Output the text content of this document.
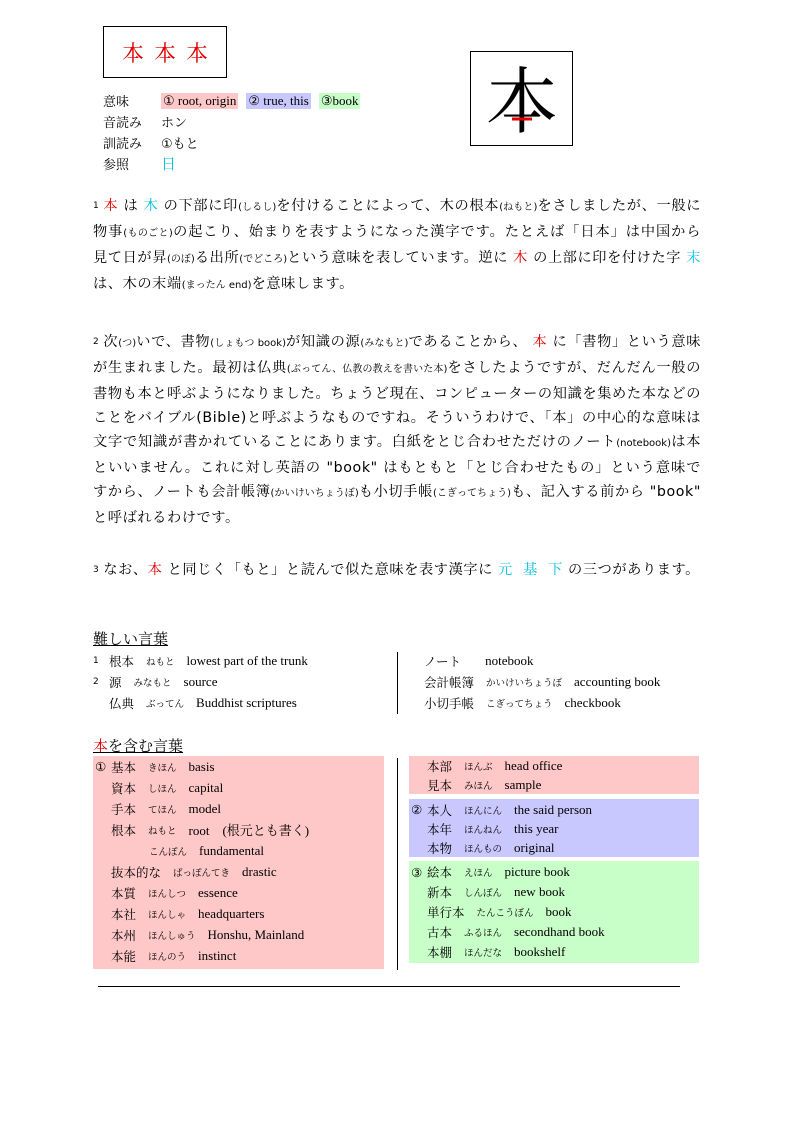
本 本 本
本
意味	① root, origin ② true, this ③book
音読み	ホン
訓読み	①もと
参照	日
$^1$ 本 は 木 の下部に印(しるし)を付けることによって、木の根本(ねもと)をさしましたが、一般に物事(ものごと)の起こり、始まりを表すようになった漢字です。たとえば「日本」は中国から見て日が昇(のぼ)る出所(でどころ)という意味を表しています。逆に 木 の上部に印を付けた字 末 は、木の末端(まったん end)を意味します。
$^2$ 次(つ)いで、書物(しょもつ book)が知識の源(みなもと)であることから、 本 に「書物」という意味が生まれました。最初は仏典(ぶってん、仏教の教えを書いた本)をさしたようですが、だんだん一般の書物も本と呼ぶようになりました。ちょうど現在、コンピューターの知識を集めた本などのことをバイブル(Bible)と呼ぶようなものですね。そういうわけで、「本」の中心的な意味は文字で知識が書かれていることにあります。白紙をとじ合わせただけのノート(notebook)は本といいません。これに対し英語の "book" はもともと「とじ合わせたもの」という意味ですから、ノートも会計帳簿(かいけいちょうぼ)も小切手帳(こぎってちょう)も、記入する前から "book" と呼ばれるわけです。
$^3$ なお、本 と同じく「もと」と読んで似た意味を表す漢字に 元 基 下 の三つがあります。
難しい言葉
1 根本 ねもと lowest part of the trunk
2 源 みなもと source
仏典 ぶってん Buddhist scriptures
ノート notebook
会計帳簿 かいけいちょうぼ accounting book
小切手帳 こぎってちょう checkbook
本を含む言葉
① 基本 きほん basis
資本 しほん capital
手本 てほん model
根本 ねもと root　(根元とも書く)
こんぽん fundamental
抜本的な ばっぽんてき drastic
本質 ほんしつ essence
本社 ほんしゃ headquarters
本州 ほんしゅう Honshu, Mainland
本能 ほんのう instinct
本部 ほんぶ head office
見本 みほん sample
② 本人 ほんにん the said person
本年 ほんねん this year
本物 ほんもの original
③ 絵本 えほん picture book
新本 しんぽん new book
単行本 たんこうぼん book
古本 ふるほん secondhand book
本棚 ほんだな bookshelf
